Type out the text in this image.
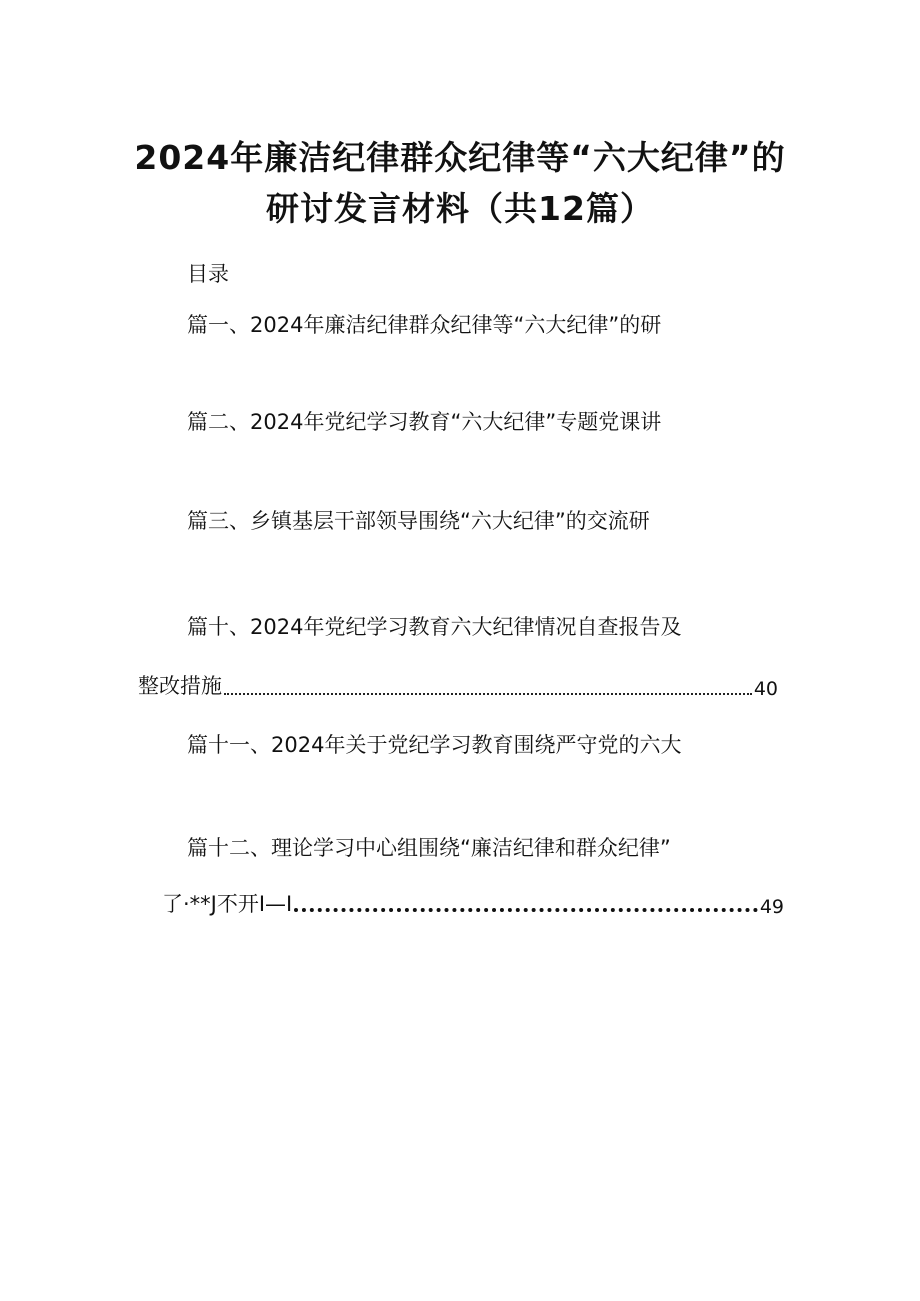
2024年廉洁纪律群众纪律等“六大纪律”的
研讨发言材料（共12篇）
目录
篇一、2024年廉洁纪律群众纪律等“六大纪律”的研
篇二、2024年党纪学习教育“六大纪律”专题党课讲
篇三、乡镇基层干部领导围绕“六大纪律”的交流研
篇十、2024年党纪学习教育六大纪律情况自查报告及
整改措施	40
篇十一、2024年关于党纪学习教育围绕严守党的六大
篇十二、理论学习中心组围绕“廉洁纪律和群众纪律”
了·**J不开I—I	49
